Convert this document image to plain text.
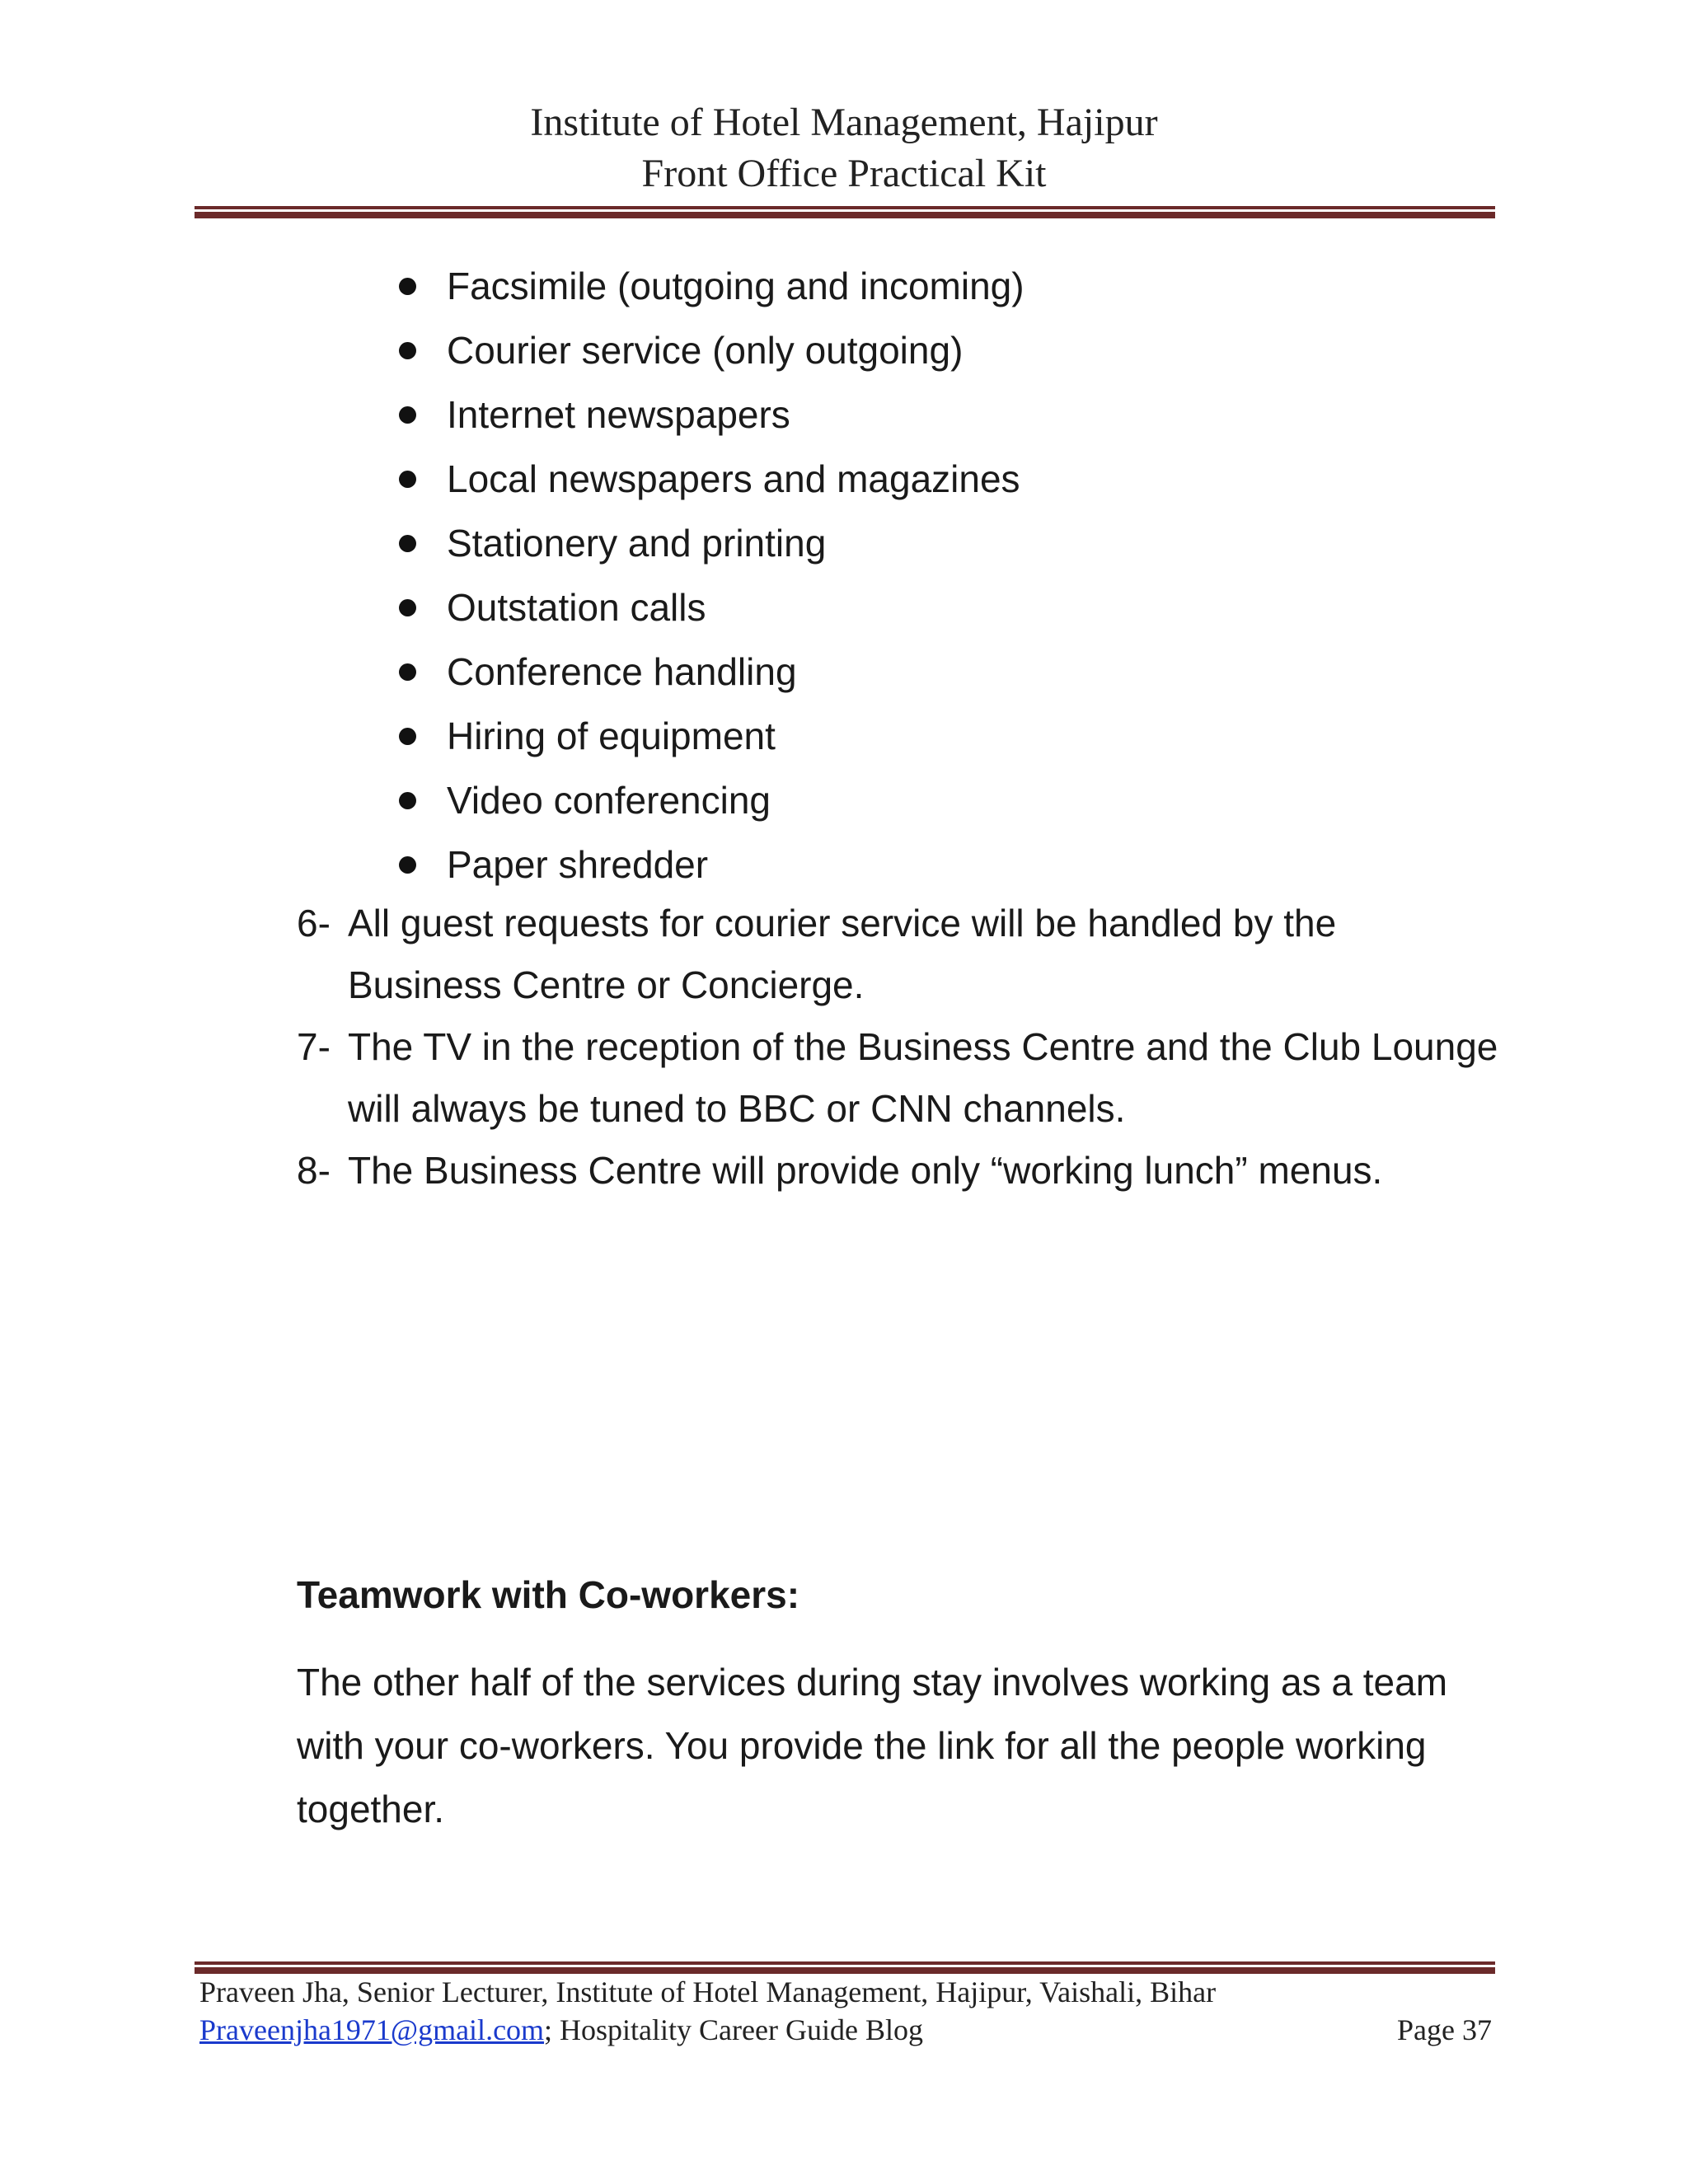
Institute of Hotel Management, Hajipur
Front Office Practical Kit
Facsimile (outgoing and incoming)
Courier service (only outgoing)
Internet newspapers
Local newspapers and magazines
Stationery and printing
Outstation calls
Conference handling
Hiring of equipment
Video conferencing
Paper shredder
6- All guest requests for courier service will be handled by the Business Centre or Concierge.
7- The TV in the reception of the Business Centre and the Club Lounge will always be tuned to BBC or CNN channels.
8- The Business Centre will provide only “working lunch” menus.
Teamwork with Co-workers:
The other half of the services during stay involves working as a team with your co-workers. You provide the link for all the people working together.
Praveen Jha, Senior Lecturer, Institute of Hotel Management, Hajipur, Vaishali, Bihar
Praveenjha1971@gmail.com; Hospitality Career Guide Blog	Page 37
